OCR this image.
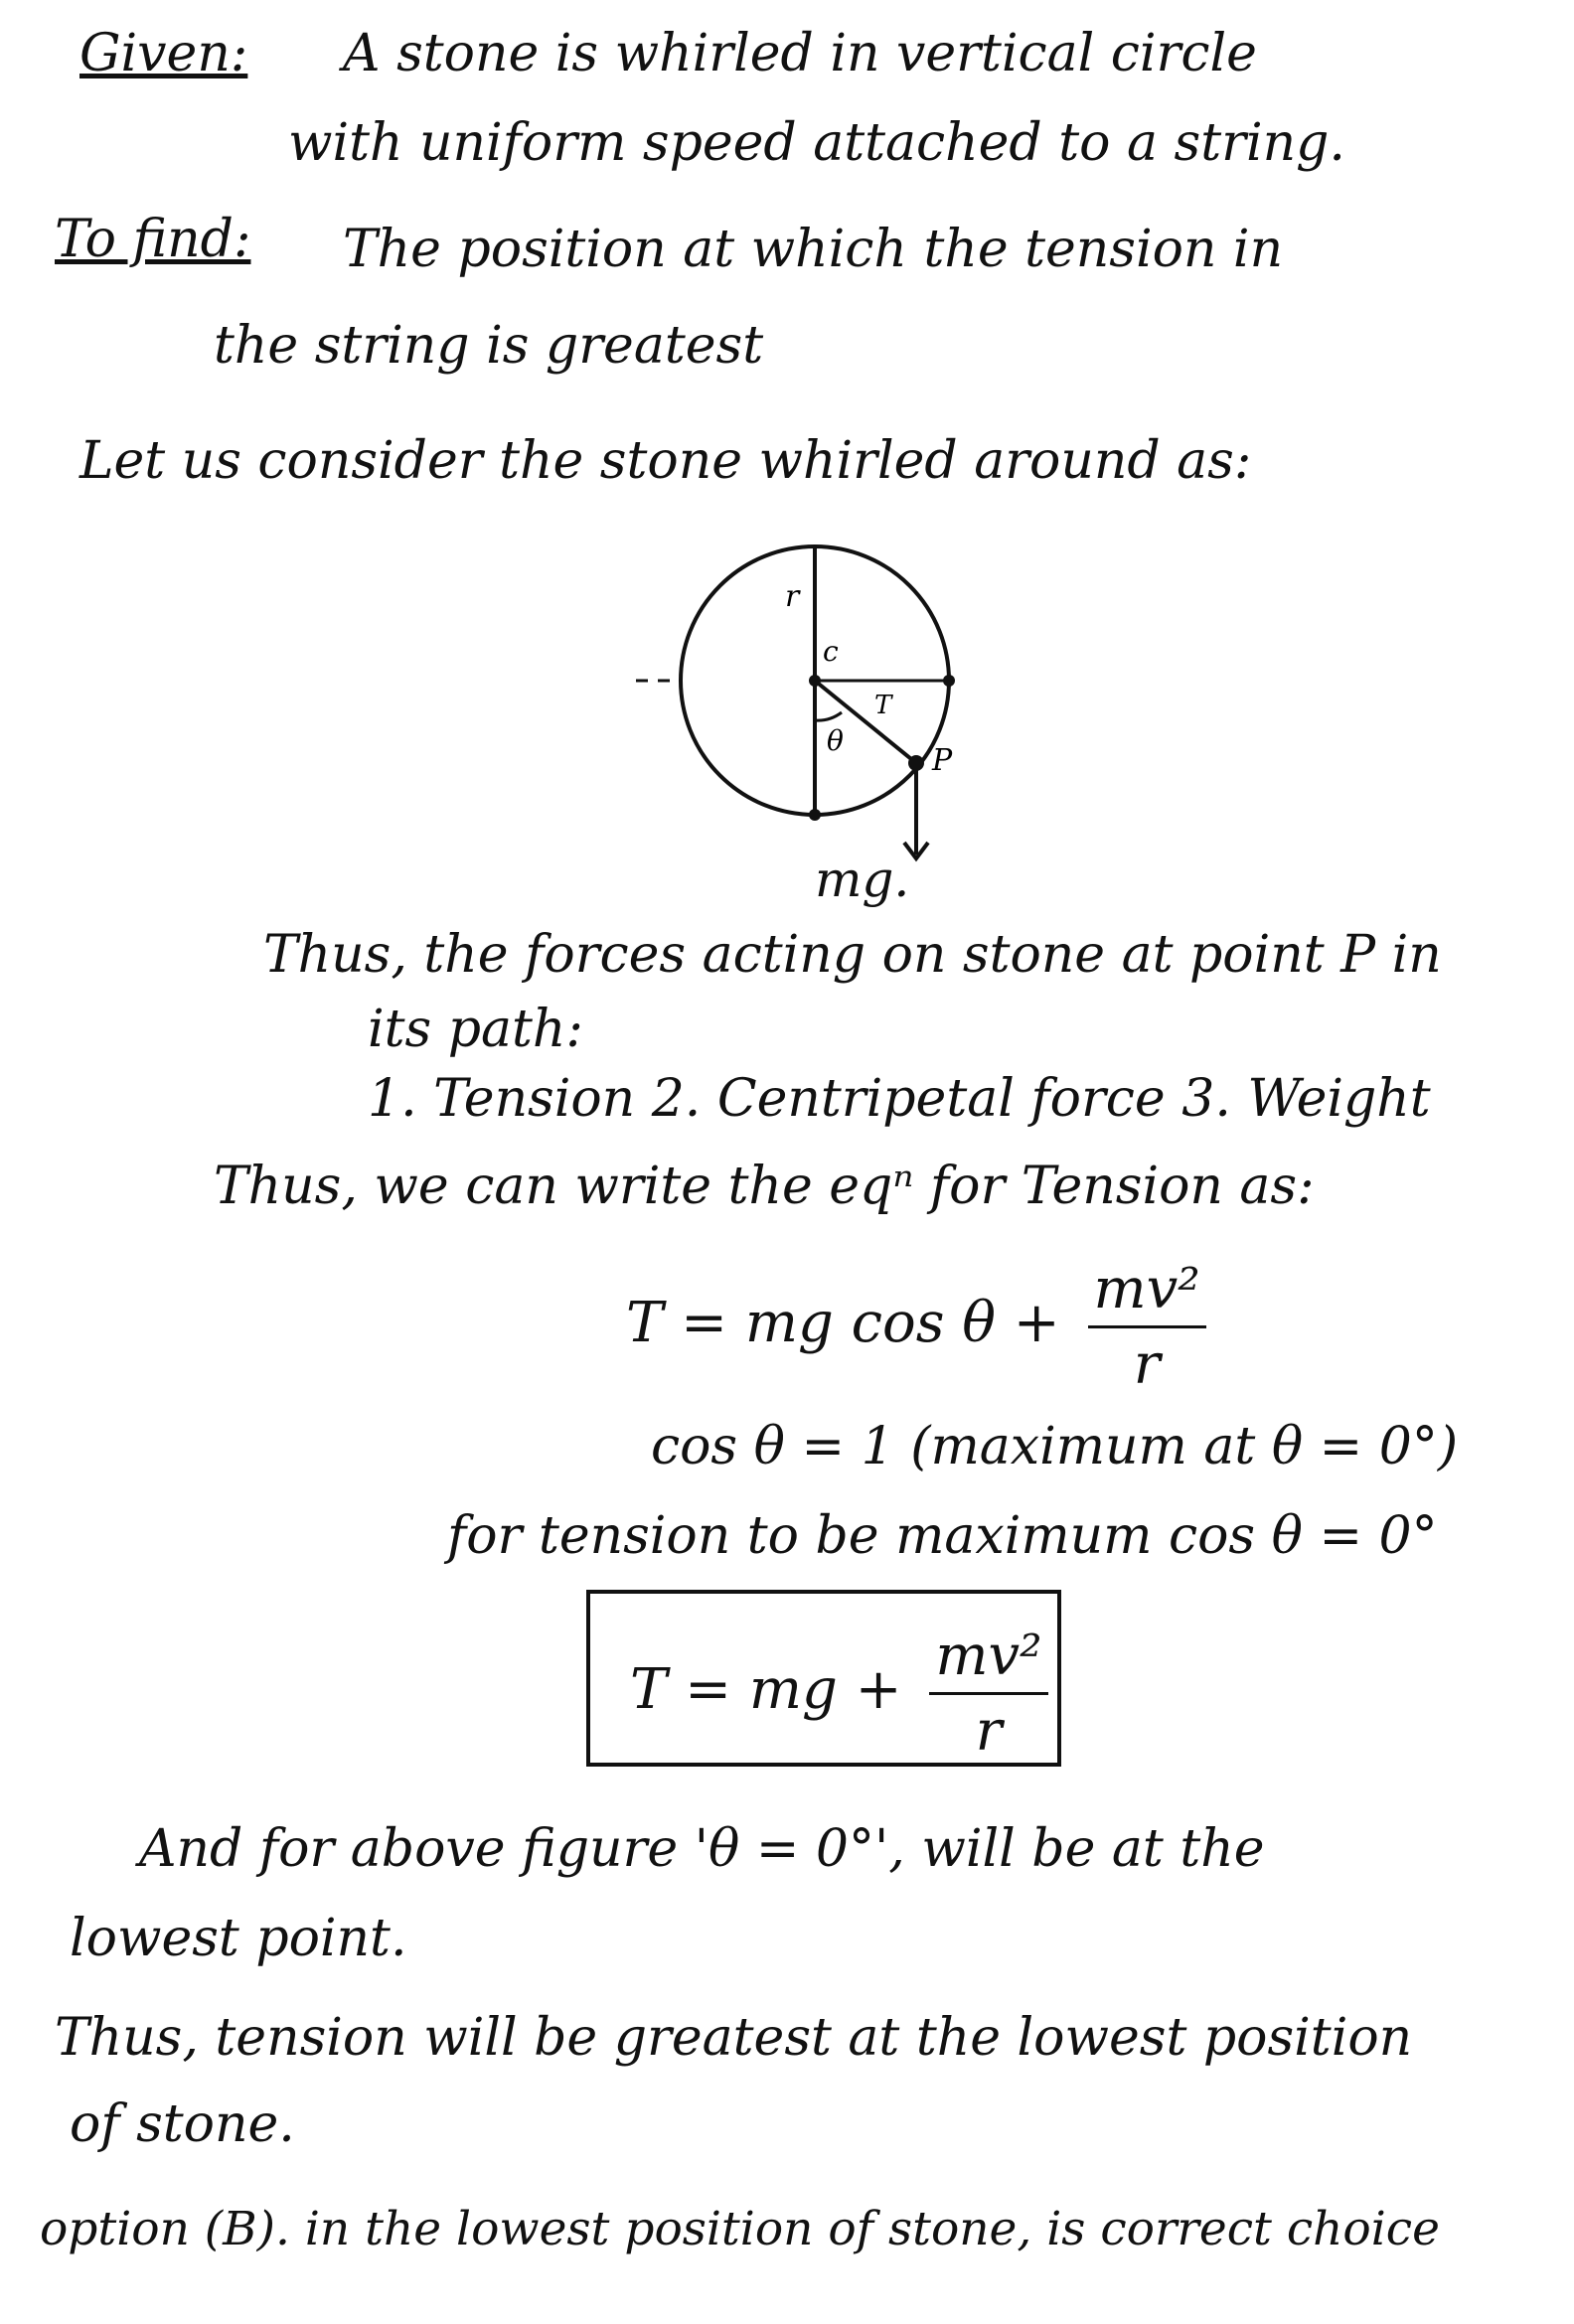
Given: A stone is whirled in vertical circle
with uniform speed attached to a string.
To find: The position at which the tension in
the string is greatest
Let us consider the stone whirled around as:
r
c
T
θ
P
mg.
Thus, the forces acting on stone at point P in
its path:
1. Tension 2. Centripetal force 3. Weight
Thus, we can write the eqⁿ for Tension as:
T = mg $\cos \theta + \frac{\text{mv²}}{r}$
cos θ = 1 (maximum at θ = 0°)
for tension to be maximum cos θ = 0°
T = mg + $\frac{\text{mv²}}{r}$
And for above figure 'θ = 0°', will be at the
lowest point.
Thus, tension will be greatest at the lowest position
of stone.
option (B). in the lowest position of stone, is correct choice
